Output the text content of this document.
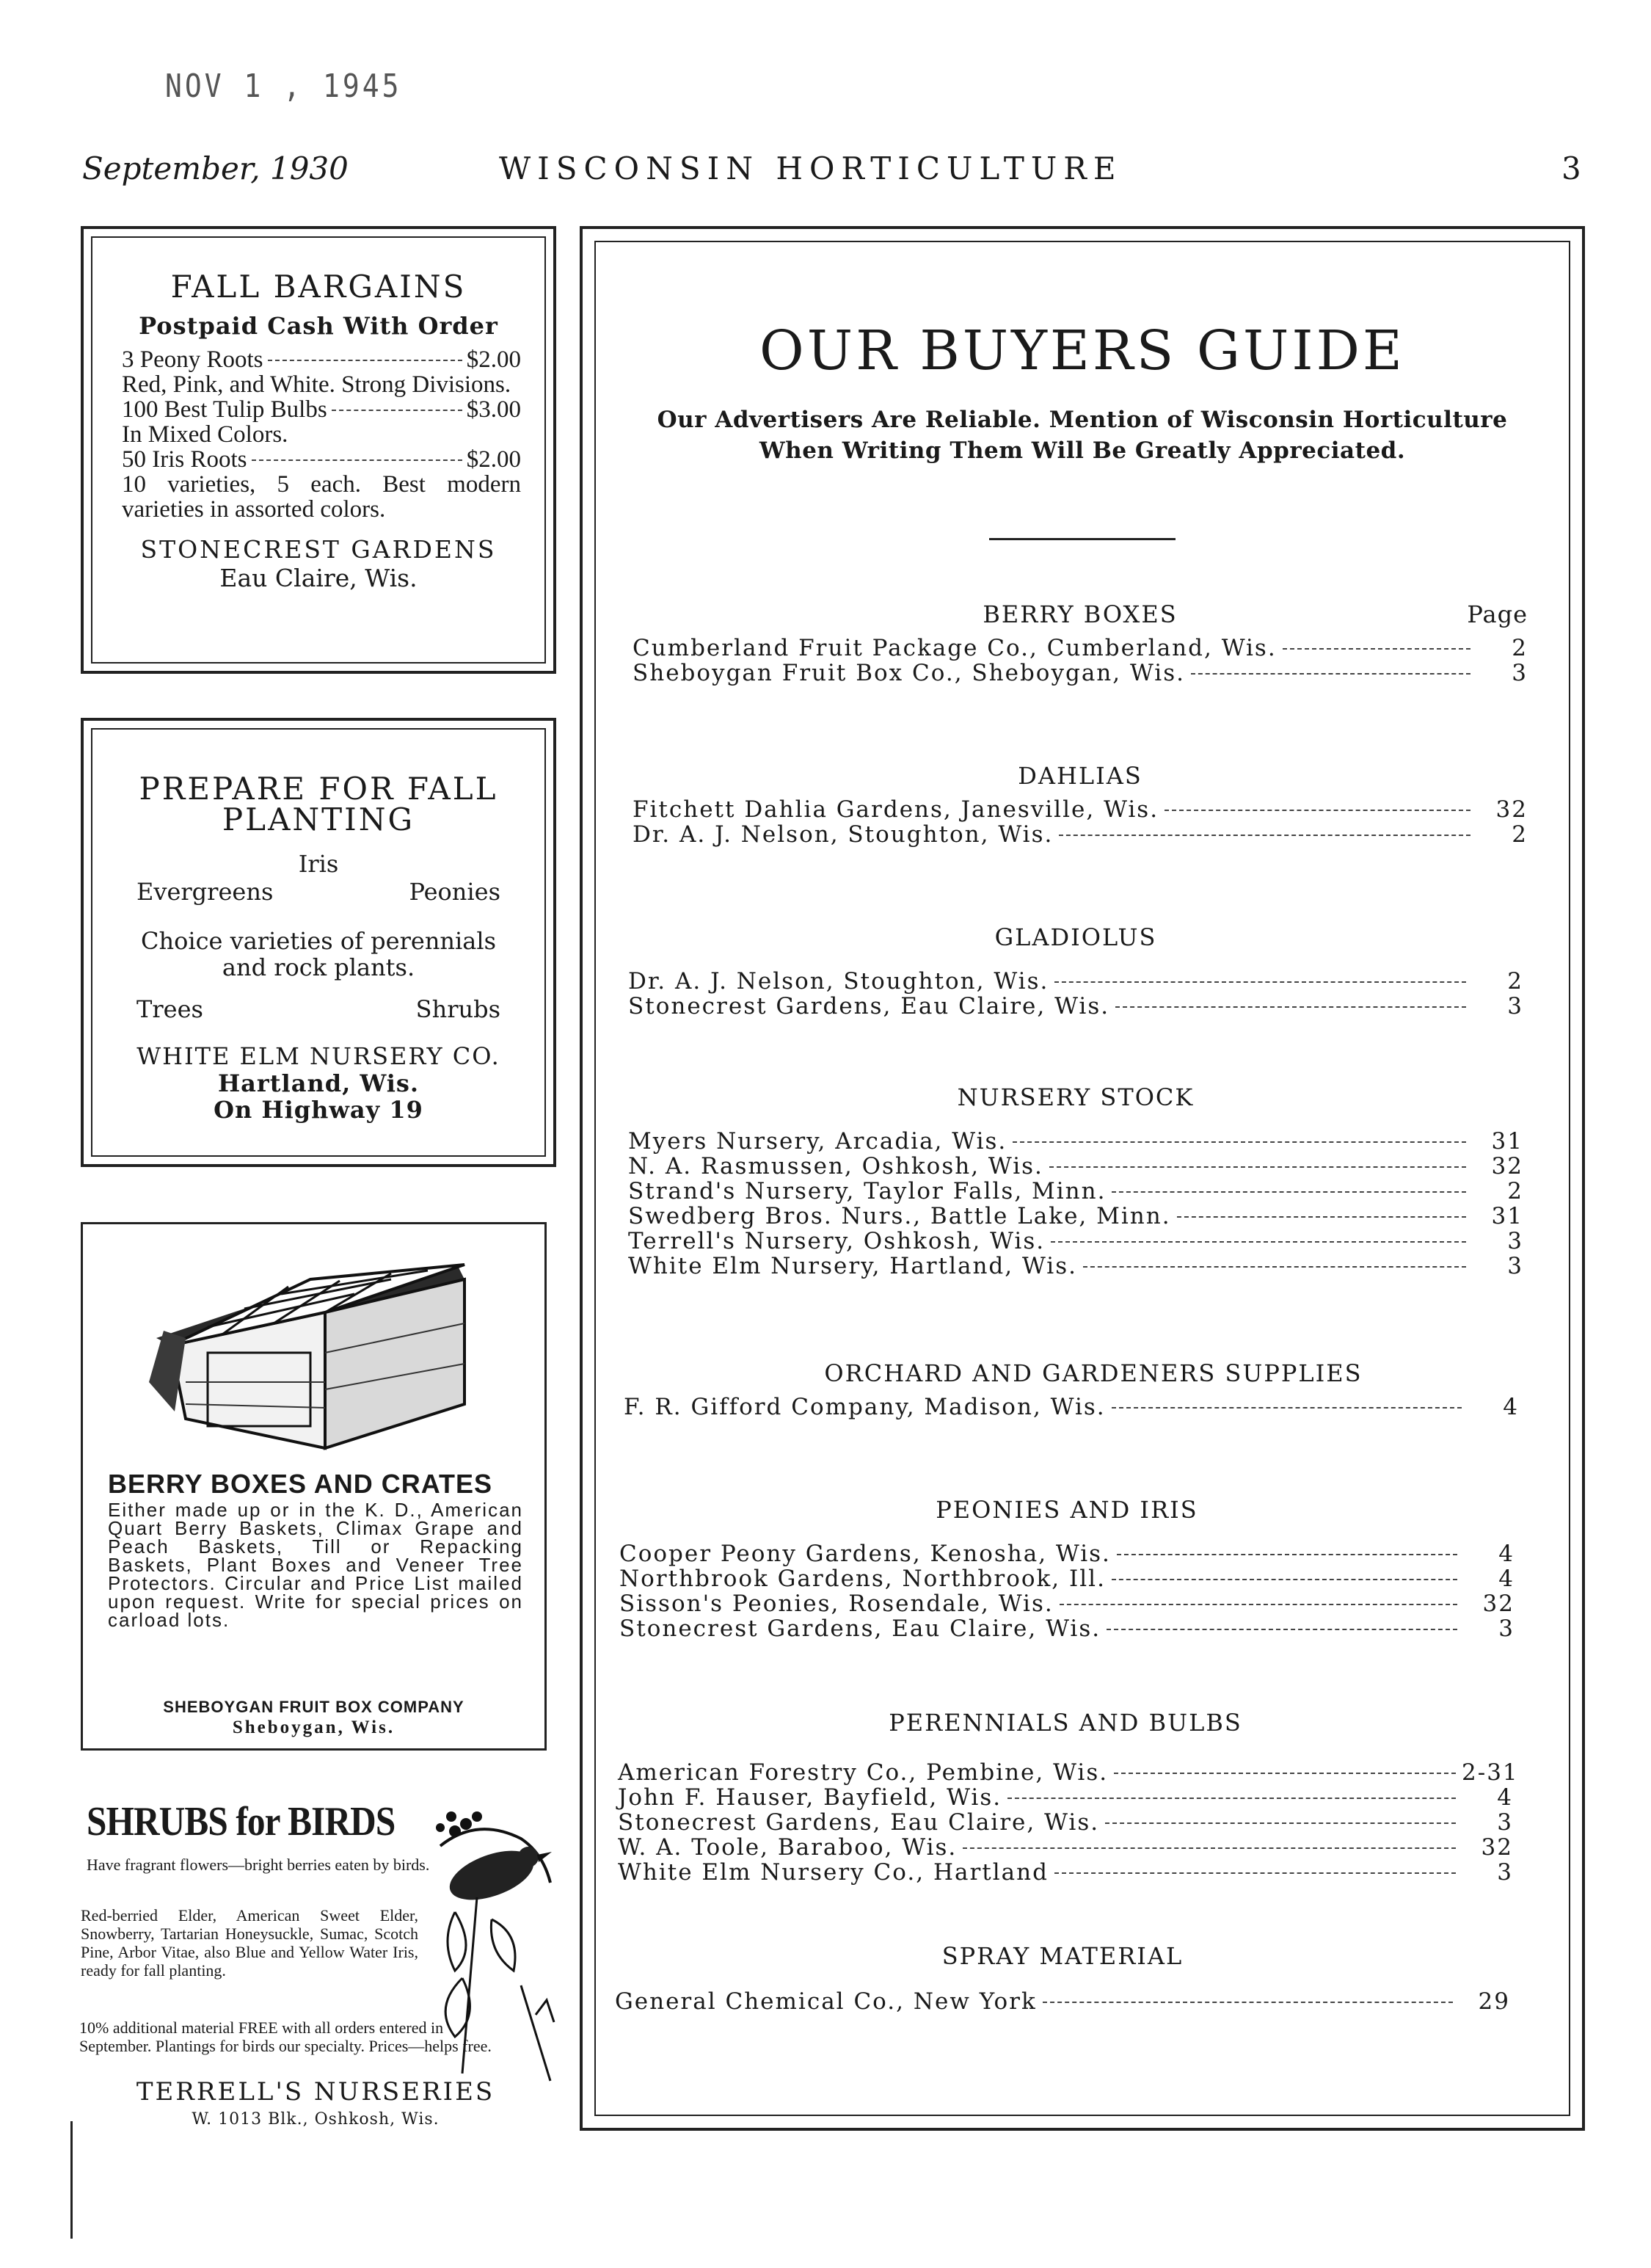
NOV 1 , 1945
September, 1930	WISCONSIN HORTICULTURE	3
FALL BARGAINS
Postpaid Cash With Order
3 Peony Roots	$2.00
Red, Pink, and White. Strong Divisions.
100 Best Tulip Bulbs	$3.00
In Mixed Colors.
50 Iris Roots	$2.00
10 varieties, 5 each. Best modern varieties in assorted colors.
STONECREST GARDENS
Eau Claire, Wis.
PREPARE FOR FALL PLANTING
Iris
Evergreens	Peonies
Choice varieties of perennials and rock plants.
Trees	Shrubs
WHITE ELM NURSERY CO.
Hartland, Wis.
On Highway 19
BERRY BOXES AND CRATES
Either made up or in the K. D., American Quart Berry Baskets, Climax Grape and Peach Baskets, Till or Repacking Baskets, Plant Boxes and Veneer Tree Protectors. Circular and Price List mailed upon request. Write for special prices on carload lots.
SHEBOYGAN FRUIT BOX COMPANY
Sheboygan, Wis.
SHRUBS for BIRDS
Have fragrant flowers—bright berries eaten by birds.
Red-berried Elder, American Sweet Elder, Snowberry, Tartarian Honeysuckle, Sumac, Scotch Pine, Arbor Vitae, also Blue and Yellow Water Iris, ready for fall planting.
10% additional material FREE with all orders entered in September. Plantings for birds our specialty. Prices—helps free.
TERRELL'S NURSERIES
W. 1013 Blk., Oshkosh, Wis.
OUR BUYERS GUIDE
Our Advertisers Are Reliable. Mention of Wisconsin Horticulture
When Writing Them Will Be Greatly Appreciated.
BERRY BOXES	Page
Cumberland Fruit Package Co., Cumberland, Wis.	2
Sheboygan Fruit Box Co., Sheboygan, Wis.	3
DAHLIAS
Fitchett Dahlia Gardens, Janesville, Wis.	32
Dr. A. J. Nelson, Stoughton, Wis.	2
GLADIOLUS
Dr. A. J. Nelson, Stoughton, Wis.	2
Stonecrest Gardens, Eau Claire, Wis.	3
NURSERY STOCK
Myers Nursery, Arcadia, Wis.	31
N. A. Rasmussen, Oshkosh, Wis.	32
Strand's Nursery, Taylor Falls, Minn.	2
Swedberg Bros. Nurs., Battle Lake, Minn.	31
Terrell's Nursery, Oshkosh, Wis.	3
White Elm Nursery, Hartland, Wis.	3
ORCHARD AND GARDENERS SUPPLIES
F. R. Gifford Company, Madison, Wis.	4
PEONIES AND IRIS
Cooper Peony Gardens, Kenosha, Wis.	4
Northbrook Gardens, Northbrook, Ill.	4
Sisson's Peonies, Rosendale, Wis.	32
Stonecrest Gardens, Eau Claire, Wis.	3
PERENNIALS AND BULBS
American Forestry Co., Pembine, Wis.	2-31
John F. Hauser, Bayfield, Wis.	4
Stonecrest Gardens, Eau Claire, Wis.	3
W. A. Toole, Baraboo, Wis.	32
White Elm Nursery Co., Hartland	3
SPRAY MATERIAL
General Chemical Co., New York	29
